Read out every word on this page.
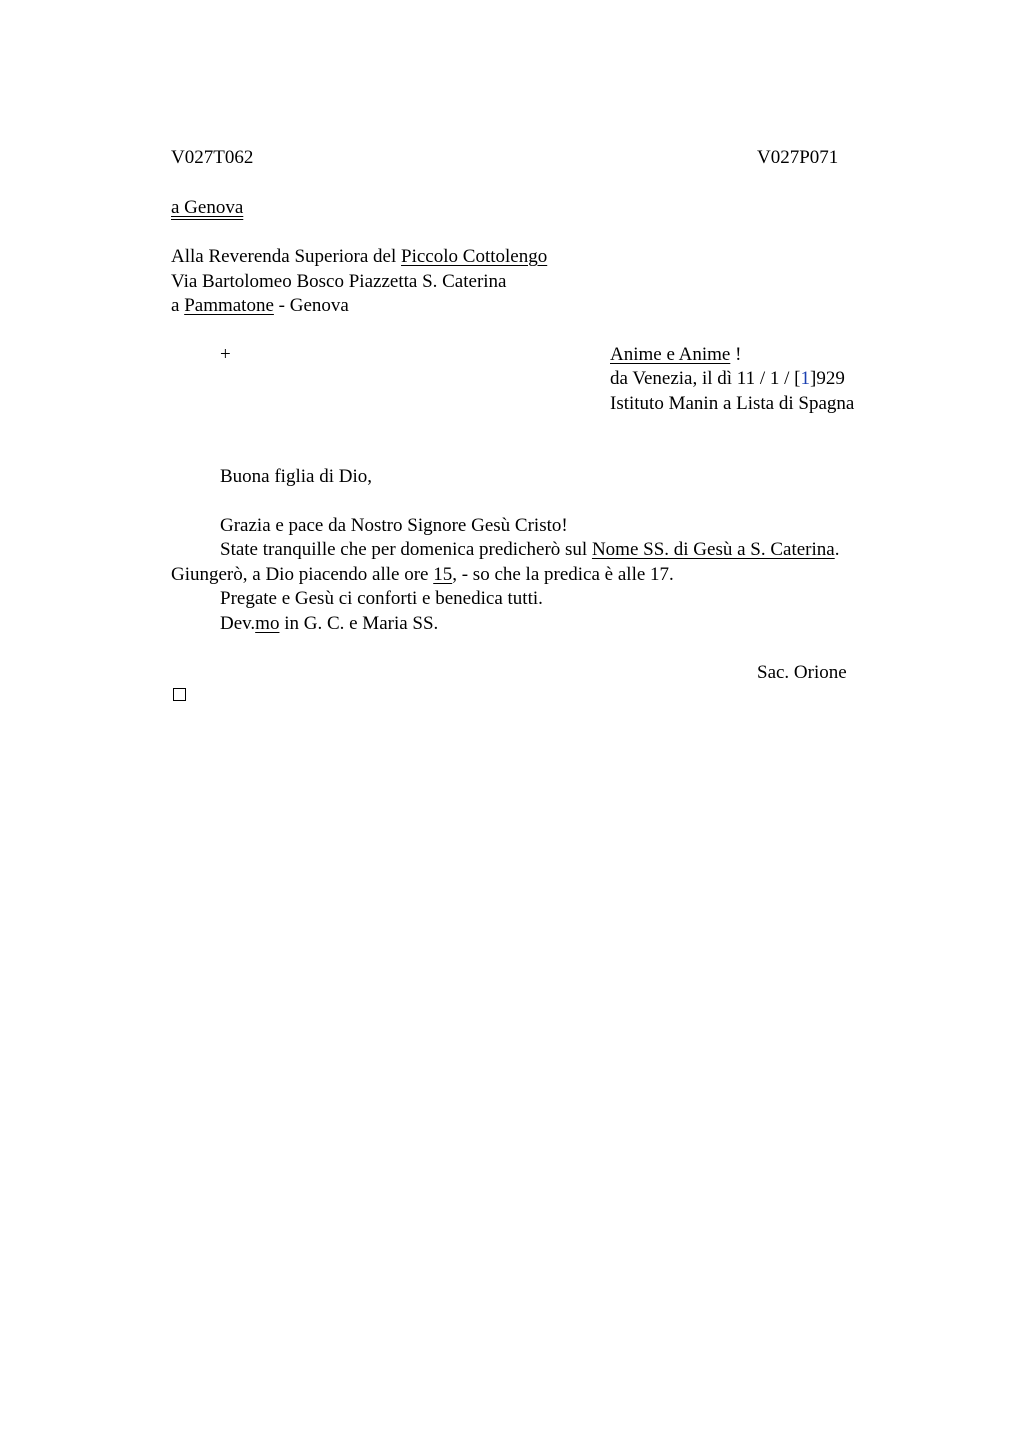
V027T062	V027P071
a Genova
Alla Reverenda Superiora del Piccolo Cottolengo
Via Bartolomeo Bosco Piazzetta S. Caterina
a Pammatone - Genova
+	Anime e Anime !
da Venezia, il dì 11 / 1 / [1]929
Istituto Manin a Lista di Spagna
Buona figlia di Dio,
Grazia e pace da Nostro Signore Gesù Cristo!
State tranquille che per domenica predicherò sul Nome SS. di Gesù a S. Caterina.
Giungerò, a Dio piacendo alle ore 15, - so che la predica è alle 17.
Pregate e Gesù ci conforti e benedica tutti.
Dev.mo in G. C. e Maria SS.
Sac. Orione
